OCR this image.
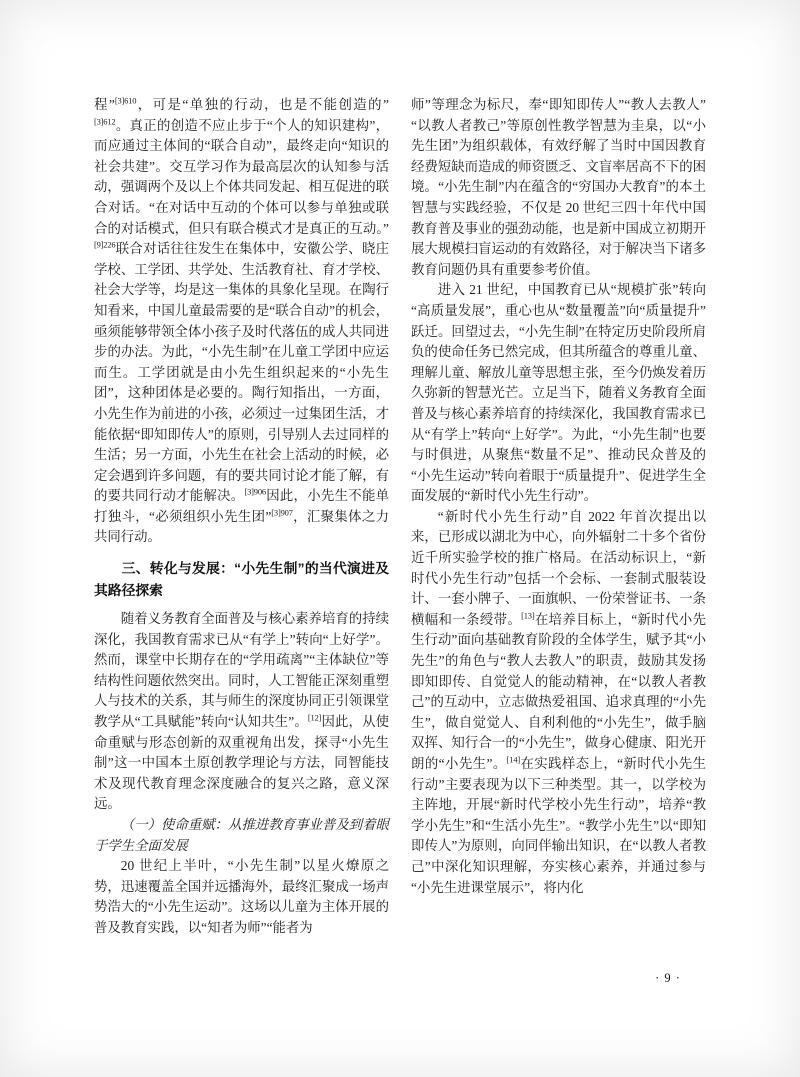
程”$^{[3]610}$，可是“单独的行动，也是不能创造的”$^{[3]612}$。真正的创造不应止步于“个人的知识建构”，而应通过主体间的“联合自动”，最终走向“知识的社会共建”。交互学习作为最高层次的认知参与活动，强调两个及以上个体共同发起、相互促进的联合对话。“在对话中互动的个体可以参与单独或联合的对话模式，但只有联合模式才是真正的互动。”$^{[9]226}$联合对话往往发生在集体中，安徽公学、晓庄学校、工学团、共学处、生活教育社、育才学校、社会大学等，均是这一集体的具象化呈现。在陶行知看来，中国儿童最需要的是“联合自动”的机会，亟须能够带领全体小孩子及时代落伍的成人共同进步的办法。为此，“小先生制”在儿童工学团中应运而生。工学团就是由小先生组织起来的“小先生团”，这种团体是必要的。陶行知指出，一方面，小先生作为前进的小孩，必须过一过集团生活，才能依据“即知即传人”的原则，引导别人去过同样的生活；另一方面，小先生在社会上活动的时候，必定会遇到许多问题，有的要共同讨论才能了解，有的要共同行动才能解决。$^{[3]906}$因此，小先生不能单打独斗，“必须组织小先生团”$^{[3]907}$，汇聚集体之力共同行动。

三、转化与发展：“小先生制”的当代演进及其路径探索

随着义务教育全面普及与核心素养培育的持续深化，我国教育需求已从“有学上”转向“上好学”。然而，课堂中长期存在的“学用疏离”“主体缺位”等结构性问题依然突出。同时，人工智能正深刻重塑人与技术的关系，其与师生的深度协同正引领课堂教学从“工具赋能”转向“认知共生”。[12]因此，从使命重赋与形态创新的双重视角出发，探寻“小先生制”这一中国本土原创教学理论与方法，同智能技术及现代教育理念深度融合的复兴之路，意义深远。

（一）使命重赋：从推进教育事业普及到着眼于学生全面发展

20 世纪上半叶，“小先生制”以星火燎原之势，迅速覆盖全国并远播海外，最终汇聚成一场声势浩大的“小先生运动”。这场以儿童为主体开展的普及教育实践，以“知者为师”“能者为

师”等理念为标尺，奉“即知即传人”“教人去教人”“以教人者教己”等原创性教学智慧为圭臬，以“小先生团”为组织载体，有效纾解了当时中国因教育经费短缺而造成的师资匮乏、文盲率居高不下的困境。“小先生制”内在蕴含的“穷国办大教育”的本土智慧与实践经验，不仅是 20 世纪三四十年代中国教育普及事业的强劲动能，也是新中国成立初期开展大规模扫盲运动的有效路径，对于解决当下诸多教育问题仍具有重要参考价值。

进入 21 世纪，中国教育已从“规模扩张”转向“高质量发展”，重心也从“数量覆盖”向“质量提升”跃迁。回望过去，“小先生制”在特定历史阶段所肩负的使命任务已然完成，但其所蕴含的尊重儿童、理解儿童、解放儿童等思想主张，至今仍焕发着历久弥新的智慧光芒。立足当下，随着义务教育全面普及与核心素养培育的持续深化，我国教育需求已从“有学上”转向“上好学”。为此，“小先生制”也要与时俱进，从聚焦“数量不足”、推动民众普及的“小先生运动”转向着眼于“质量提升”、促进学生全面发展的“新时代小先生行动”。

“新时代小先生行动”自 2022 年首次提出以来，已形成以湖北为中心，向外辐射二十多个省份近千所实验学校的推广格局。在活动标识上，“新时代小先生行动”包括一个会标、一套制式服装设计、一套小牌子、一面旗帜、一份荣誉证书、一条横幅和一条绶带。[13]在培养目标上，“新时代小先生行动”面向基础教育阶段的全体学生，赋予其“小先生”的角色与“教人去教人”的职责，鼓励其发扬即知即传、自觉觉人的能动精神，在“以教人者教己”的互动中，立志做热爱祖国、追求真理的“小先生”，做自觉觉人、自利利他的“小先生”，做手脑双挥、知行合一的“小先生”，做身心健康、阳光开朗的“小先生”。[14]在实践样态上，“新时代小先生行动”主要表现为以下三种类型。其一，以学校为主阵地，开展“新时代学校小先生行动”，培养“教学小先生”和“生活小先生”。“教学小先生”以“即知即传人”为原则，向同伴输出知识，在“以教人者教己”中深化知识理解，夯实核心素养，并通过参与“小先生进课堂展示”，将内化

· 9 ·
